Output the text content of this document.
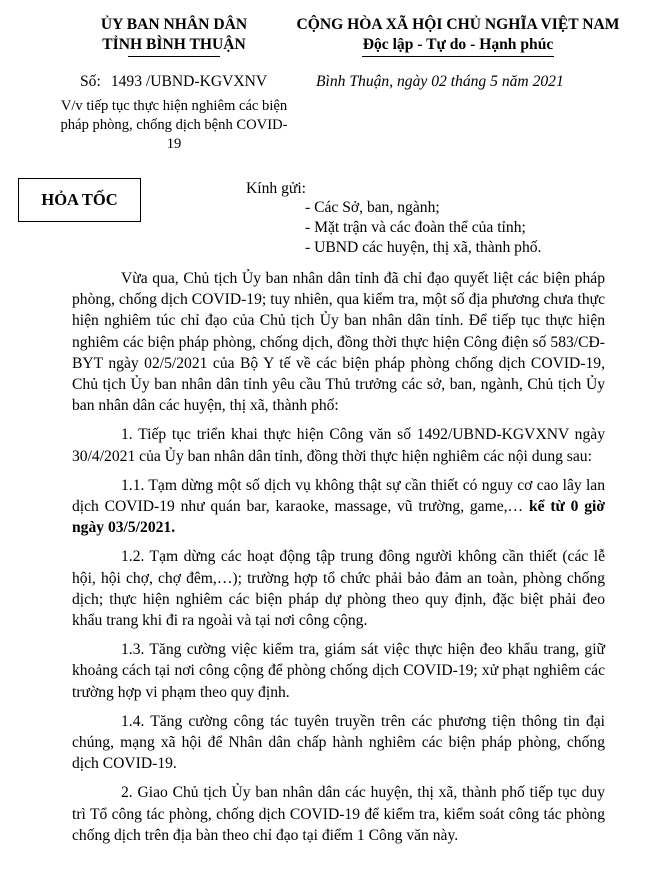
ỦY BAN NHÂN DÂN
TỈNH BÌNH THUẬN
CỘNG HÒA XÃ HỘI CHỦ NGHĨA VIỆT NAM
Độc lập - Tự do - Hạnh phúc
Số: 1493 /UBND-KGVXNV	Bình Thuận, ngày 02 tháng 5 năm 2021
V/v tiếp tục thực hiện nghiêm các biện pháp phòng, chống dịch bệnh COVID-19
HỎA TỐC
Kính gửi:
- Các Sở, ban, ngành;
- Mặt trận và các đoàn thể của tỉnh;
- UBND các huyện, thị xã, thành phố.

Vừa qua, Chủ tịch Ủy ban nhân dân tỉnh đã chỉ đạo quyết liệt các biện pháp phòng, chống dịch COVID-19; tuy nhiên, qua kiểm tra, một số địa phương chưa thực hiện nghiêm túc chỉ đạo của Chủ tịch Ủy ban nhân dân tỉnh. Để tiếp tục thực hiện nghiêm các biện pháp phòng, chống dịch, đồng thời thực hiện Công điện số 583/CĐ-BYT ngày 02/5/2021 của Bộ Y tế về các biện pháp phòng chống dịch COVID-19, Chủ tịch Ủy ban nhân dân tỉnh yêu cầu Thủ trưởng các sở, ban, ngành, Chủ tịch Ủy ban nhân dân các huyện, thị xã, thành phố:

1. Tiếp tục triển khai thực hiện Công văn số 1492/UBND-KGVXNV ngày 30/4/2021 của Ủy ban nhân dân tỉnh, đồng thời thực hiện nghiêm các nội dung sau:

1.1. Tạm dừng một số dịch vụ không thật sự cần thiết có nguy cơ cao lây lan dịch COVID-19 như quán bar, karaoke, massage, vũ trường, game,… kể từ 0 giờ ngày 03/5/2021.

1.2. Tạm dừng các hoạt động tập trung đông người không cần thiết (các lễ hội, hội chợ, chợ đêm,…); trường hợp tổ chức phải bảo đảm an toàn, phòng chống dịch; thực hiện nghiêm các biện pháp dự phòng theo quy định, đặc biệt phải đeo khẩu trang khi đi ra ngoài và tại nơi công cộng.

1.3. Tăng cường việc kiểm tra, giám sát việc thực hiện đeo khẩu trang, giữ khoảng cách tại nơi công cộng để phòng chống dịch COVID-19; xử phạt nghiêm các trường hợp vi phạm theo quy định.

1.4. Tăng cường công tác tuyên truyền trên các phương tiện thông tin đại chúng, mạng xã hội để Nhân dân chấp hành nghiêm các biện pháp phòng, chống dịch COVID-19.

2. Giao Chủ tịch Ủy ban nhân dân các huyện, thị xã, thành phố tiếp tục duy trì Tổ công tác phòng, chống dịch COVID-19 để kiểm tra, kiểm soát công tác phòng chống dịch trên địa bàn theo chỉ đạo tại điểm 1 Công văn này.
